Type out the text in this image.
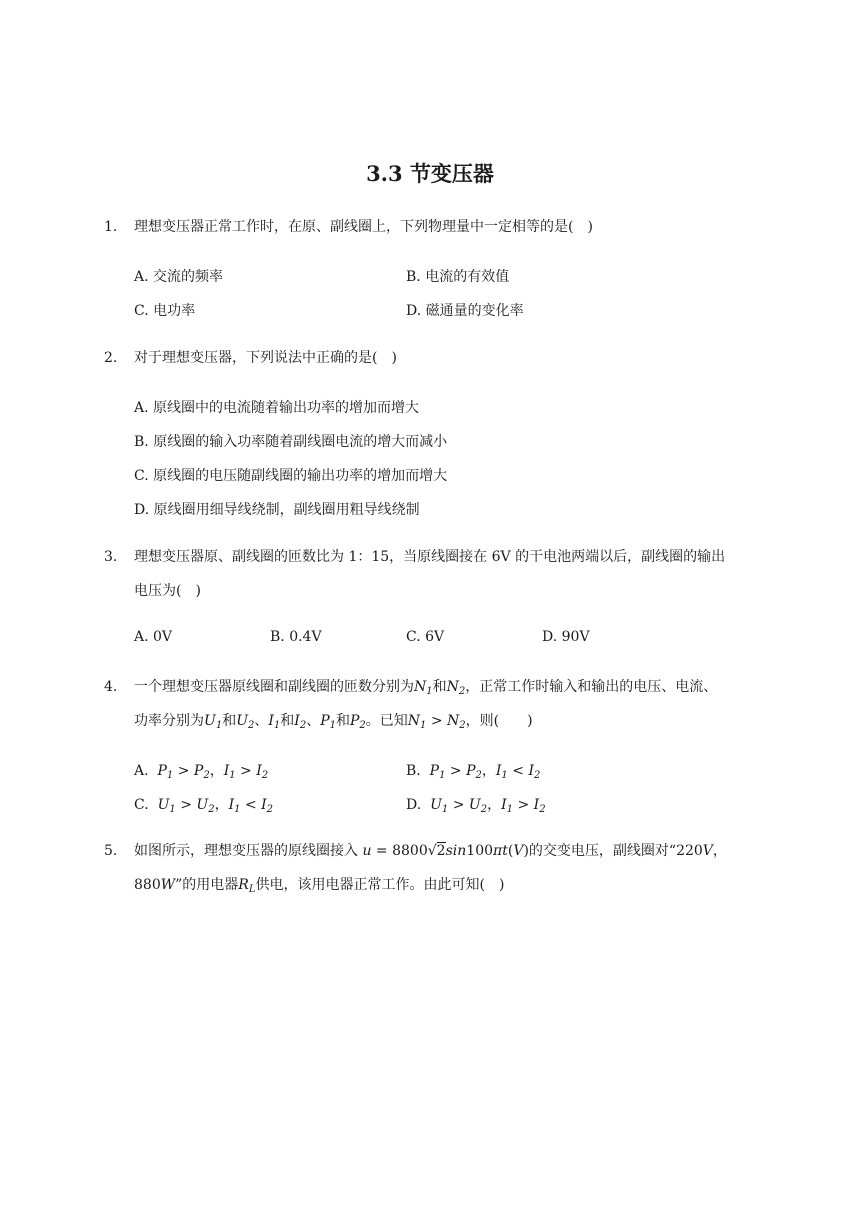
3.3 节变压器
1.	理想变压器正常工作时，在原、副线圈上，下列物理量中一定相等的是(　)
A. 交流的频率	B. 电流的有效值
C. 电功率	D. 磁通量的变化率
2.	对于理想变压器，下列说法中正确的是(　)
A. 原线圈中的电流随着输出功率的增加而增大
B. 原线圈的输入功率随着副线圈电流的增大而减小
C. 原线圈的电压随副线圈的输出功率的增加而增大
D. 原线圈用细导线绕制，副线圈用粗导线绕制
3.	理想变压器原、副线圈的匝数比为 1：15，当原线圈接在 6V 的干电池两端以后，副线圈的输出
电压为(　)
A. 0V	B. 0.4V	C. 6V	D. 90V
4.	一个理想变压器原线圈和副线圈的匝数分别为$N_1$和$N_2$，正常工作时输入和输出的电压、电流、
功率分别为$U_1$和$U_2$、$I_1$和$I_2$、$P_1$和$P_2$。已知$N_1 > N_2$，则(　　)
A. $P_1 > P_2$，$I_1 > I_2$	B. $P_1 > P_2$，$I_1 < I_2$
C. $U_1 > U_2$，$I_1 < I_2$	D. $U_1 > U_2$，$I_1 > I_2$
5.	如图所示，理想变压器的原线圈接入 u = 8800√2sin100πt(V)的交变电压，副线圈对“220V，
880W”的用电器$R_L$供电，该用电器正常工作。由此可知(　)
